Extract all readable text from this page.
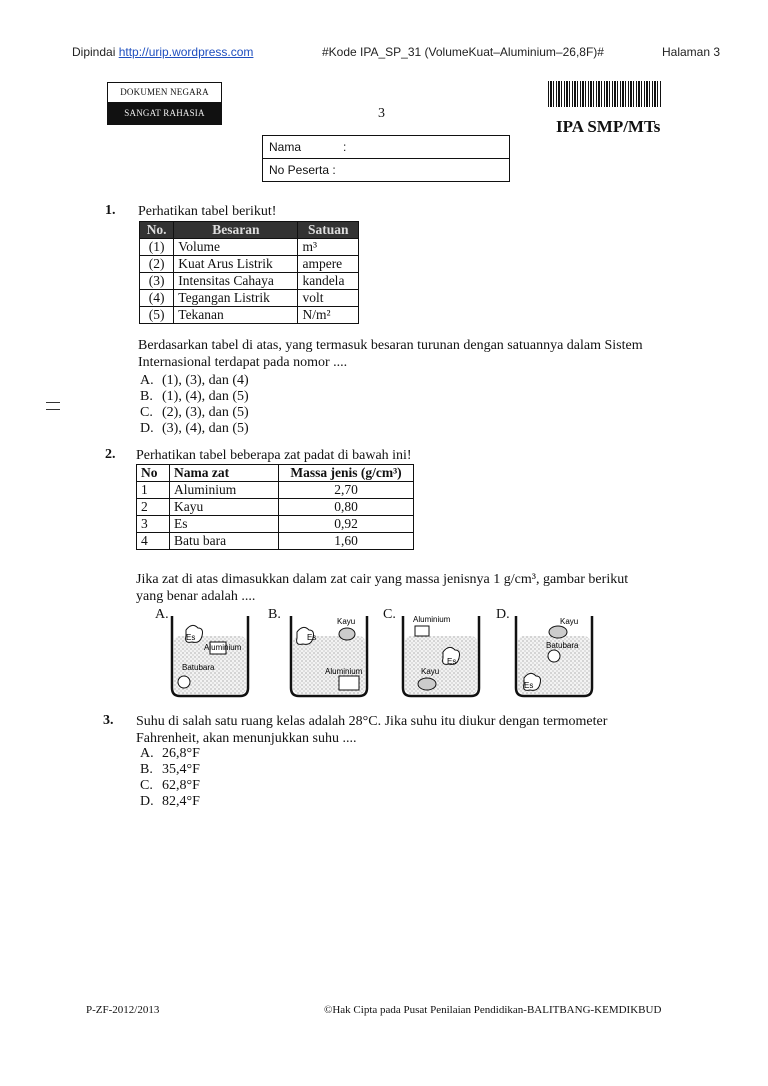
Dipindai http://urip.wordpress.com	#Kode IPA_SP_31 (VolumeKuat–Aluminium–26,8F)#	Halaman 3
DOKUMEN NEGARA
SANGAT RAHASIA	3
IPA SMP/MTs
Nama	:
No Peserta :
1. Perhatikan tabel berikut!
No.	Besaran	Satuan
(1)	Volume	m³
(2)	Kuat Arus Listrik	ampere
(3)	Intensitas Cahaya	kandela
(4)	Tegangan Listrik	volt
(5)	Tekanan	N/m²
Berdasarkan tabel di atas, yang termasuk besaran turunan dengan satuannya dalam Sistem Internasional terdapat pada nomor ....
A. (1), (3), dan (4)
B. (1), (4), dan (5)
C. (2), (3), dan (5)
D. (3), (4), dan (5)
2. Perhatikan tabel beberapa zat padat di bawah ini!
No	Nama zat	Massa jenis (g/cm³)
1	Aluminium	2,70
2	Kayu	0,80
3	Es	0,92
4	Batu bara	1,60
Jika zat di atas dimasukkan dalam zat cair yang massa jenisnya 1 g/cm³, gambar berikut yang benar adalah ....
A.
Es
Aluminium
Batubara
B.	Kayu
Es
Aluminium
C. Aluminium
Es
Kayu
D.	Kayu
Batubara
Es
3. Suhu di salah satu ruang kelas adalah 28°C. Jika suhu itu diukur dengan termometer Fahrenheit, akan menunjukkan suhu ....
A. 26,8°F
B. 35,4°F
C. 62,8°F
D. 82,4°F
P-ZF-2012/2013	©Hak Cipta pada Pusat Penilaian Pendidikan-BALITBANG-KEMDIKBUD
